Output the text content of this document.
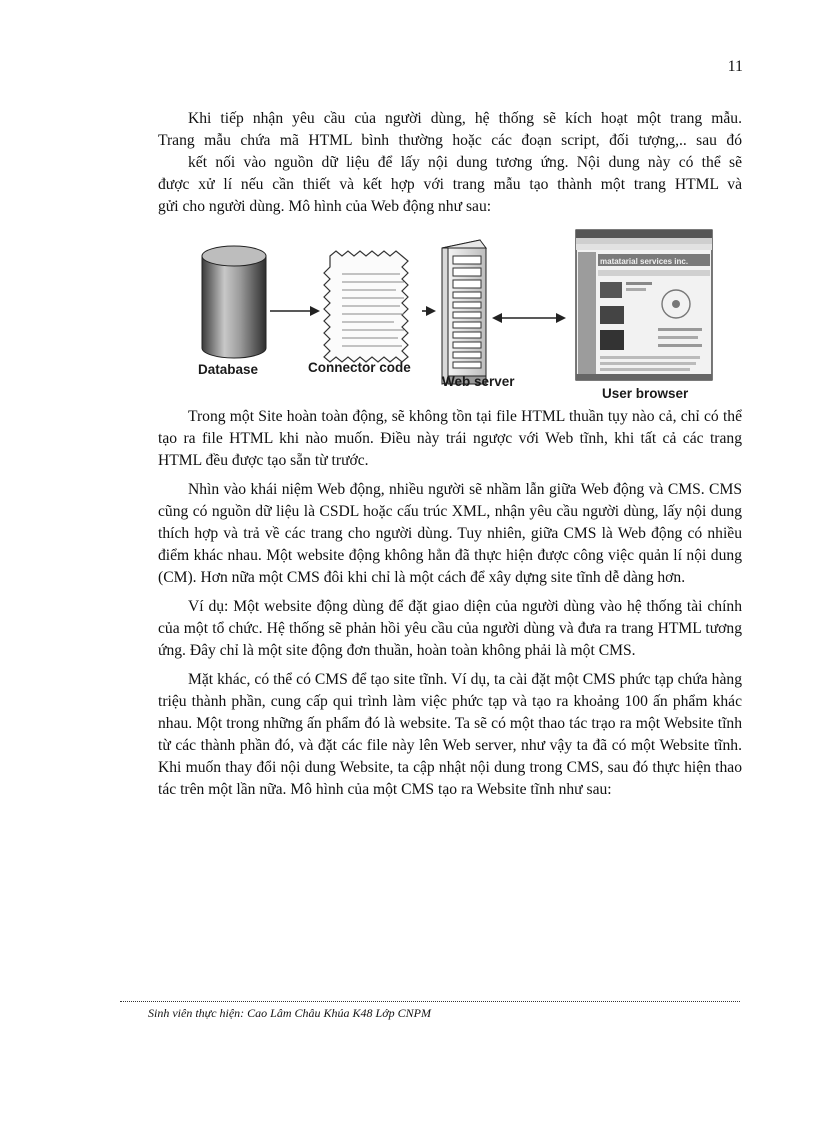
11
Khi tiếp nhận yêu cầu của người dùng, hệ thống sẽ kích hoạt một trang mẫu.
Trang mẫu chứa mã HTML bình thường hoặc các đoạn script, đối tượng,.. sau đó
kết nối vào nguồn dữ liệu để lấy nội dung tương ứng. Nội dung này có thể sẽ
được xử lí nếu cần thiết và kết hợp với trang mẫu tạo thành một trang HTML và
gửi cho người dùng. Mô hình của Web động như sau:
matatarial services inc.
Database	Connector code
Web server
User browser

Trong một Site hoàn toàn động, sẽ không tồn tại file HTML thuần tụy nào cả, chỉ có thể tạo ra file HTML khi nào muốn. Điều này trái ngược với Web tĩnh, khi tất cả các trang HTML đều được tạo sẵn từ trước.

Nhìn vào khái niệm Web động, nhiều người sẽ nhầm lẫn giữa Web động và CMS. CMS cũng có nguồn dữ liệu là CSDL hoặc cấu trúc XML, nhận yêu cầu người dùng, lấy nội dung thích hợp và trả về các trang cho người dùng. Tuy nhiên, giữa CMS là Web động có nhiều điểm khác nhau. Một website động không hẳn đã thực hiện được công việc quản lí nội dung (CM). Hơn nữa một CMS đôi khi chỉ là một cách để xây dựng site tĩnh dễ dàng hơn.

Ví dụ: Một website động dùng để đặt giao diện của người dùng vào hệ thống tài chính của một tổ chức. Hệ thống sẽ phản hồi yêu cầu của người dùng và đưa ra trang HTML tương ứng. Đây chỉ là một site động đơn thuần, hoàn toàn không phải là một CMS.

Mặt khác, có thể có CMS để tạo site tĩnh. Ví dụ, ta cài đặt một CMS phức tạp chứa hàng triệu thành phần, cung cấp qui trình làm việc phức tạp và tạo ra khoảng 100 ấn phẩm khác nhau. Một trong những ấn phẩm đó là website. Ta sẽ có một thao tác trạo ra một Website tĩnh từ các thành phần đó, và đặt các file này lên Web server, như vậy ta đã có một Website tĩnh. Khi muốn thay đổi nội dung Website, ta cập nhật nội dung trong CMS, sau đó thực hiện thao tác trên một lần nữa. Mô hình của một CMS tạo ra Website tĩnh như sau:

Sinh viên thực hiện: Cao Lâm Châu Khúa K48 Lớp CNPM
